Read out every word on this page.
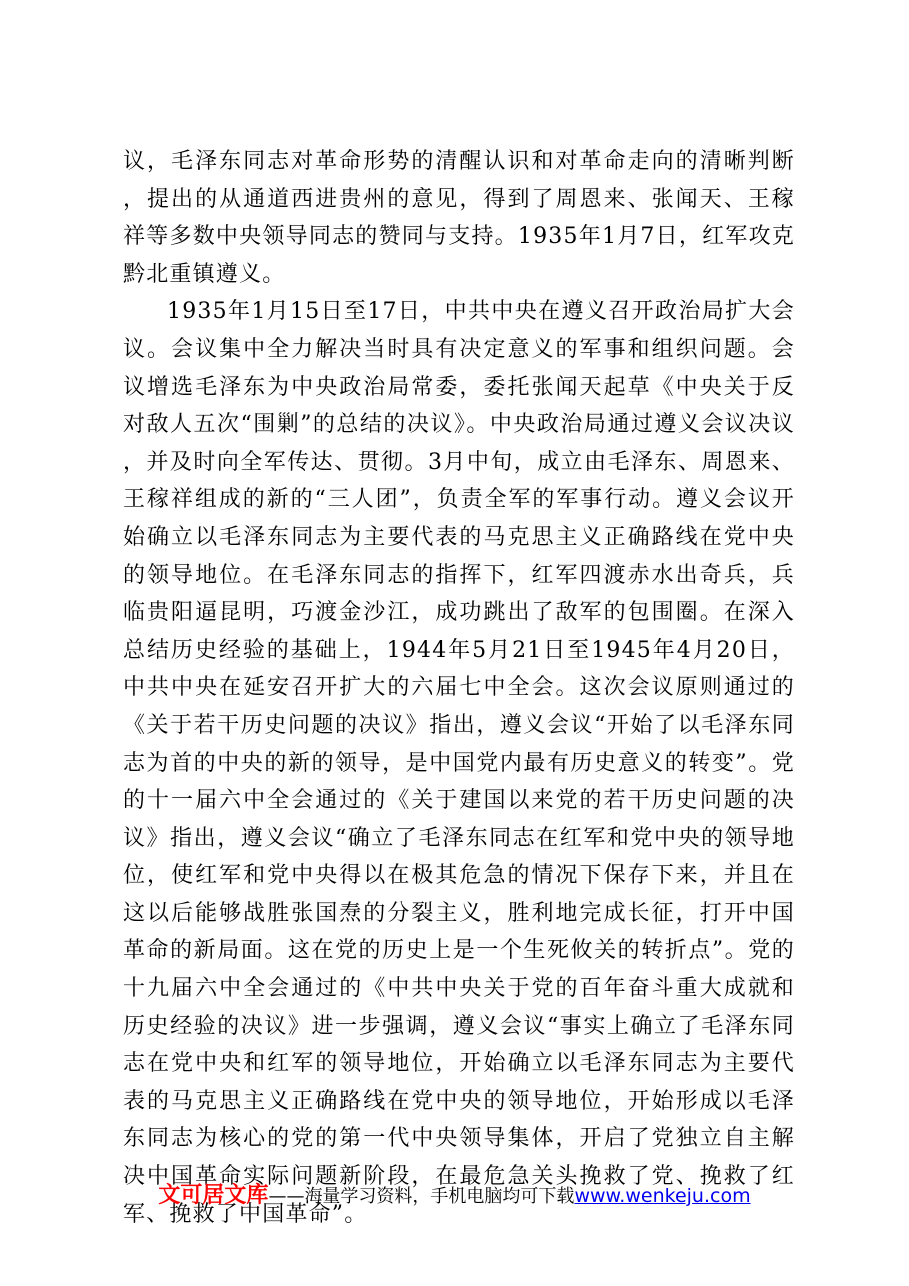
议，毛泽东同志对革命形势的清醒认识和对革命走向的清晰判断，提出的从通道西进贵州的意见，得到了周恩来、张闻天、王稼祥等多数中央领导同志的赞同与支持。1935年1月7日，红军攻克黔北重镇遵义。

1935年1月15日至17日，中共中央在遵义召开政治局扩大会议。会议集中全力解决当时具有决定意义的军事和组织问题。会议增选毛泽东为中央政治局常委，委托张闻天起草《中央关于反对敌人五次“围剿”的总结的决议》。中央政治局通过遵义会议决议，并及时向全军传达、贯彻。3月中旬，成立由毛泽东、周恩来、王稼祥组成的新的“三人团”，负责全军的军事行动。遵义会议开始确立以毛泽东同志为主要代表的马克思主义正确路线在党中央的领导地位。在毛泽东同志的指挥下，红军四渡赤水出奇兵，兵临贵阳逼昆明，巧渡金沙江，成功跳出了敌军的包围圈。在深入总结历史经验的基础上，1944年5月21日至1945年4月20日，中共中央在延安召开扩大的六届七中全会。这次会议原则通过的《关于若干历史问题的决议》指出，遵义会议“开始了以毛泽东同志为首的中央的新的领导，是中国党内最有历史意义的转变”。党的十一届六中全会通过的《关于建国以来党的若干历史问题的决议》指出，遵义会议“确立了毛泽东同志在红军和党中央的领导地位，使红军和党中央得以在极其危急的情况下保存下来，并且在这以后能够战胜张国焘的分裂主义，胜利地完成长征，打开中国革命的新局面。这在党的历史上是一个生死攸关的转折点”。党的十九届六中全会通过的《中共中央关于党的百年奋斗重大成就和历史经验的决议》进一步强调，遵义会议“事实上确立了毛泽东同志在党中央和红军的领导地位，开始确立以毛泽东同志为主要代表的马克思主义正确路线在党中央的领导地位，开始形成以毛泽东同志为核心的党的第一代中央领导集体，开启了党独立自主解决中国革命实际问题新阶段，在最危急关头挽救了党、挽救了红军、挽救了中国革命”。

文可居文库——海量学习资料，手机电脑均可下载www.wenkeju.com
